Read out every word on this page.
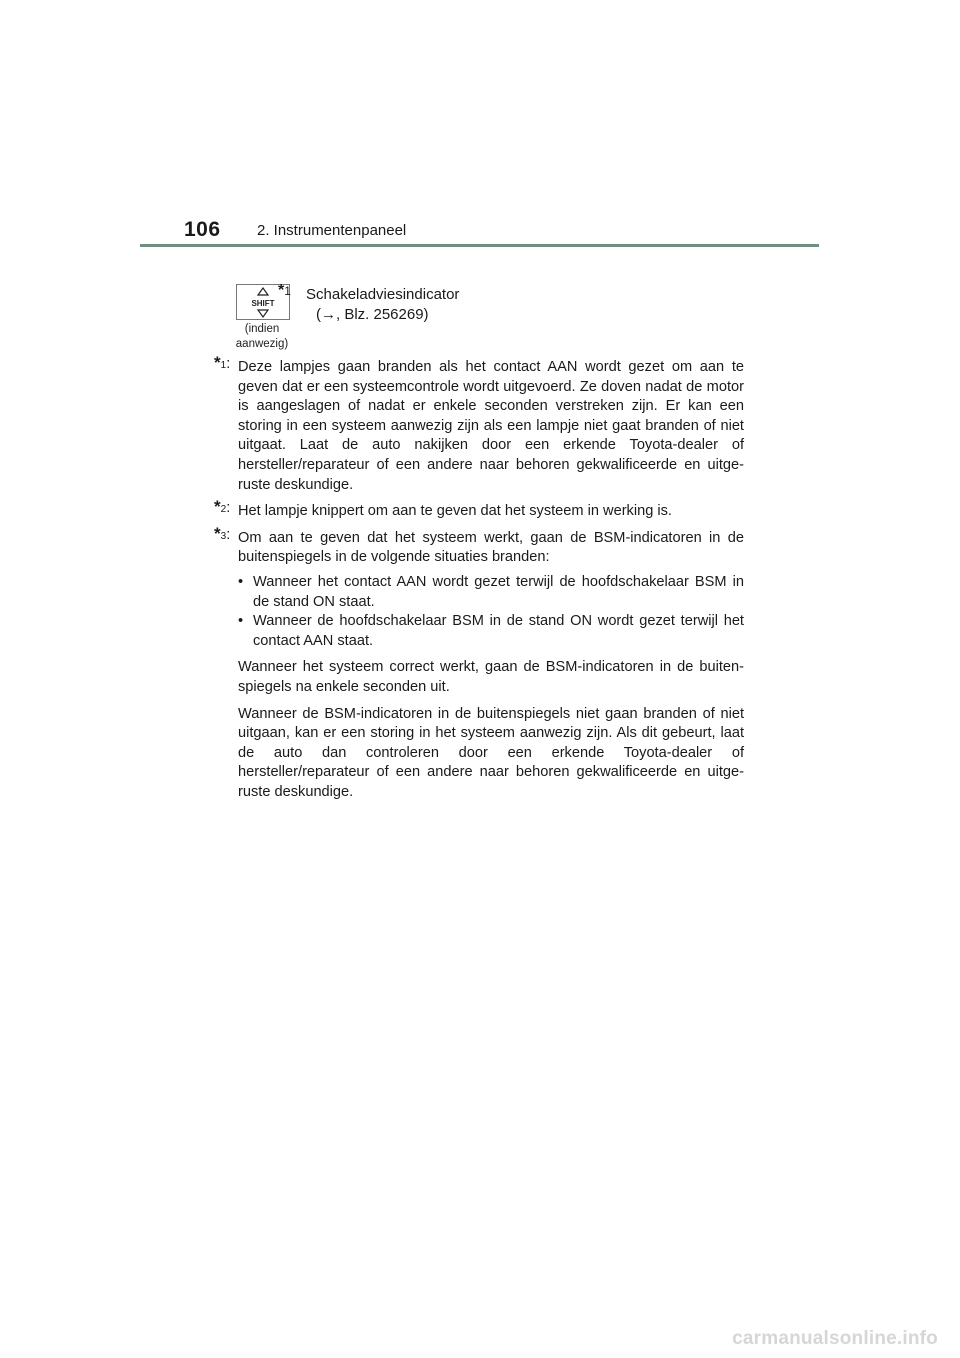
106 2. Instrumentenpaneel
SHIFT
*1
(indien
aanwezig)
Schakeladviesindicator
(→, Blz. 256269)
*$^1$: Deze lampjes gaan branden als het contact AAN wordt gezet om aan te geven dat er een systeemcontrole wordt uitgevoerd. Ze doven nadat de motor is aangeslagen of nadat er enkele seconden verstreken zijn. Er kan een storing in een systeem aanwezig zijn als een lampje niet gaat branden of niet uitgaat. Laat de auto nakijken door een erkende Toyota-dealer of hersteller/reparateur of een andere naar behoren gekwalificeerde en uitge- ruste deskundige.
*$^2$: Het lampje knippert om aan te geven dat het systeem in werking is.
*$^3$: Om aan te geven dat het systeem werkt, gaan de BSM-indicatoren in de buitenspiegels in de volgende situaties branden:
• Wanneer het contact AAN wordt gezet terwijl de hoofdschakelaar BSM in de stand ON staat.
• Wanneer de hoofdschakelaar BSM in de stand ON wordt gezet terwijl het contact AAN staat.

Wanneer het systeem correct werkt, gaan de BSM-indicatoren in de buiten- spiegels na enkele seconden uit.

Wanneer de BSM-indicatoren in de buitenspiegels niet gaan branden of niet uitgaan, kan er een storing in het systeem aanwezig zijn. Als dit gebeurt, laat de auto dan controleren door een erkende Toyota-dealer of hersteller/reparateur of een andere naar behoren gekwalificeerde en uitge- ruste deskundige.

carmanualsonline.info
